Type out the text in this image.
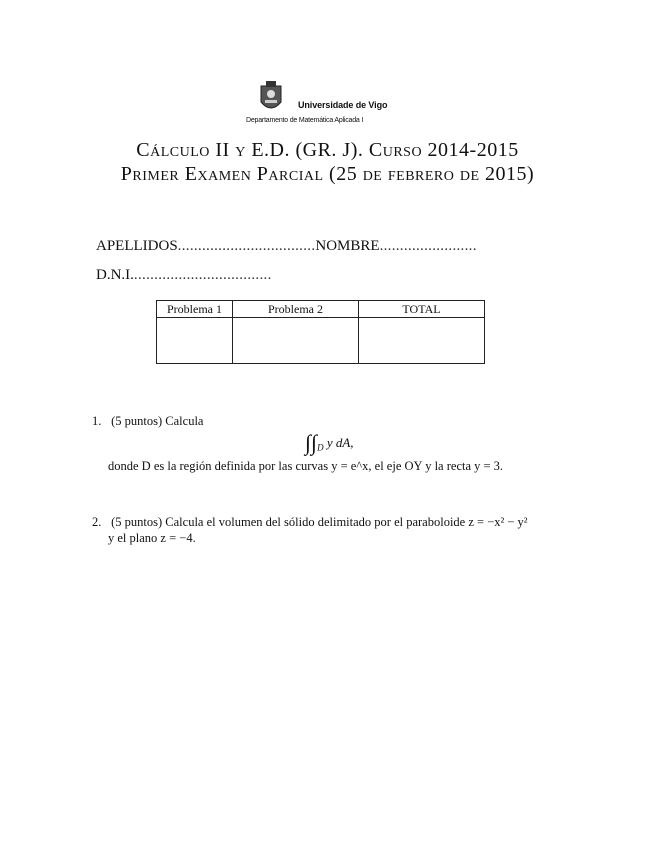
Universidade de Vigo
Departamento de Matemática Aplicada I
Cálculo II y E.D. (GR. J). Curso 2014-2015
Primer Examen Parcial (25 de febrero de 2015)
APELLIDOS..................................NOMBRE........................
D.N.I...................................
Problema 1	Problema 2	TOTAL

1. (5 puntos) Calcula
$\int\int_D$ y dA,
donde D es la región definida por las curvas y = e^x, el eje OY y la recta y = 3.
2. (5 puntos) Calcula el volumen del sólido delimitado por el paraboloide z = −x² − y²
y el plano z = −4.
